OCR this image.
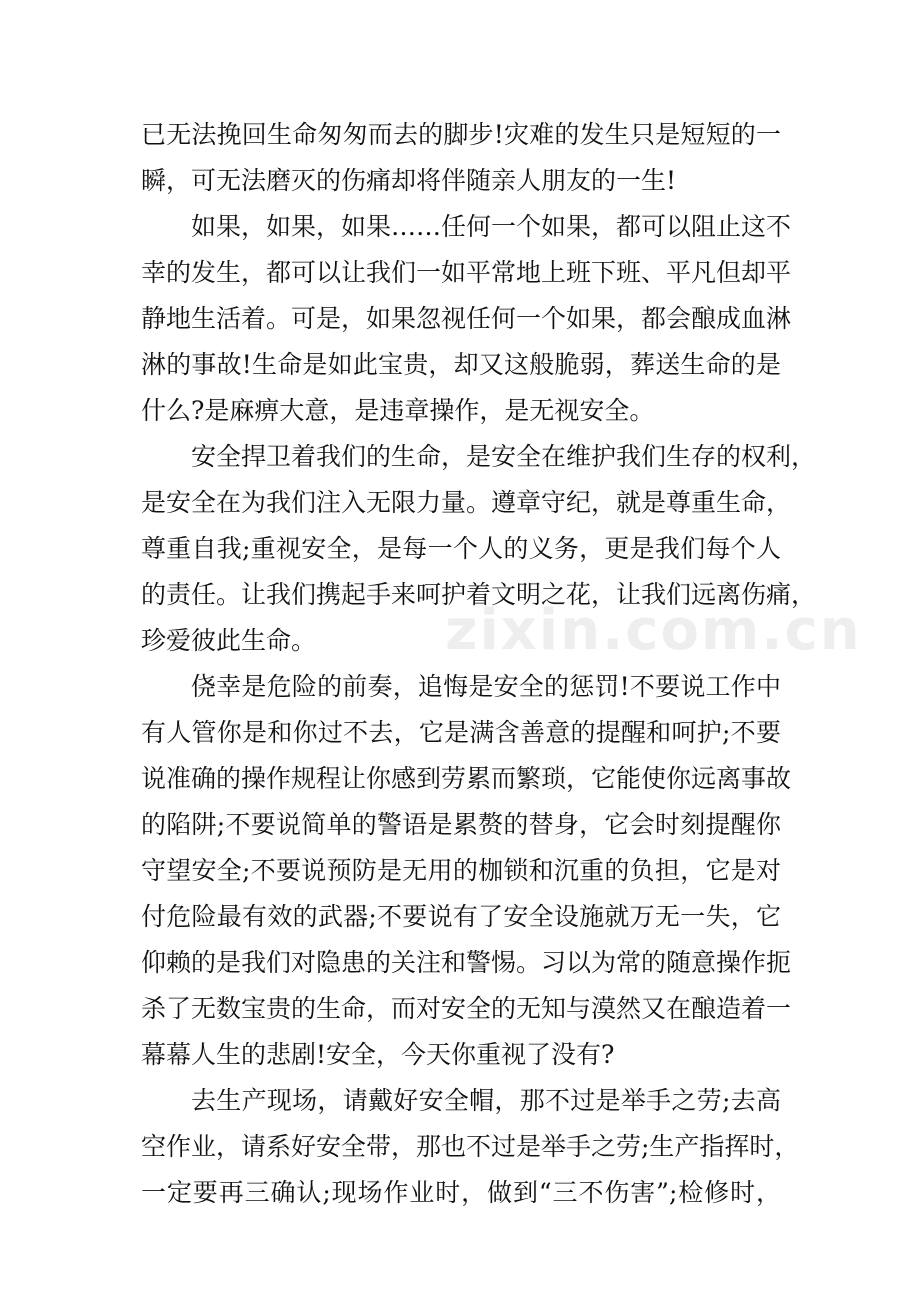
已无法挽回生命匆匆而去的脚步!灾难的发生只是短短的一
瞬，可无法磨灭的伤痛却将伴随亲人朋友的一生!
如果，如果，如果……任何一个如果，都可以阻止这不
幸的发生，都可以让我们一如平常地上班下班、平凡但却平
静地生活着。可是，如果忽视任何一个如果，都会酿成血淋
淋的事故!生命是如此宝贵，却又这般脆弱，葬送生命的是
什么?是麻痹大意，是违章操作，是无视安全。
安全捍卫着我们的生命，是安全在维护我们生存的权利，
是安全在为我们注入无限力量。遵章守纪，就是尊重生命，
尊重自我;重视安全，是每一个人的义务，更是我们每个人
的责任。让我们携起手来呵护着文明之花，让我们远离伤痛，
珍爱彼此生命。
侥幸是危险的前奏，追悔是安全的惩罚!不要说工作中
有人管你是和你过不去，它是满含善意的提醒和呵护;不要
说准确的操作规程让你感到劳累而繁琐，它能使你远离事故
的陷阱;不要说简单的警语是累赘的替身，它会时刻提醒你
守望安全;不要说预防是无用的枷锁和沉重的负担，它是对
付危险最有效的武器;不要说有了安全设施就万无一失，它
仰赖的是我们对隐患的关注和警惕。习以为常的随意操作扼
杀了无数宝贵的生命，而对安全的无知与漠然又在酿造着一
幕幕人生的悲剧!安全，今天你重视了没有?
去生产现场，请戴好安全帽，那不过是举手之劳;去高
空作业，请系好安全带，那也不过是举手之劳;生产指挥时，
一定要再三确认;现场作业时，做到“三不伤害”;检修时，
zixin.com.cn
